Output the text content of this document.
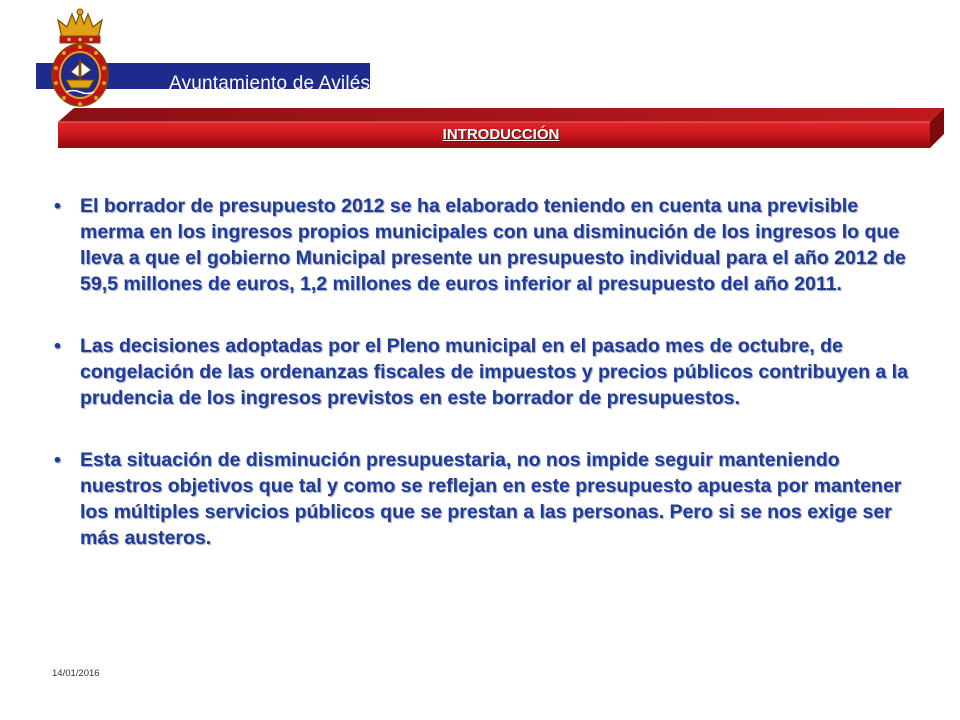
Ayuntamiento de Avilés
INTRODUCCIÓN
• El borrador de presupuesto 2012 se ha elaborado teniendo en cuenta una previsible merma en los ingresos propios municipales con una disminución de los ingresos lo que lleva a que el gobierno Municipal presente un presupuesto individual para el año 2012 de 59,5 millones de euros, 1,2 millones de euros inferior al presupuesto del año 2011.
• Las decisiones adoptadas por el Pleno municipal en el pasado mes de octubre, de congelación de las ordenanzas fiscales de impuestos y precios públicos contribuyen a la prudencia de los ingresos previstos en este borrador de presupuestos.
• Esta situación de disminución presupuestaria, no nos impide seguir manteniendo nuestros objetivos que tal y como se reflejan en este presupuesto apuesta por mantener los múltiples servicios públicos que se prestan a las personas. Pero si se nos exige ser más austeros.
14/01/2016
